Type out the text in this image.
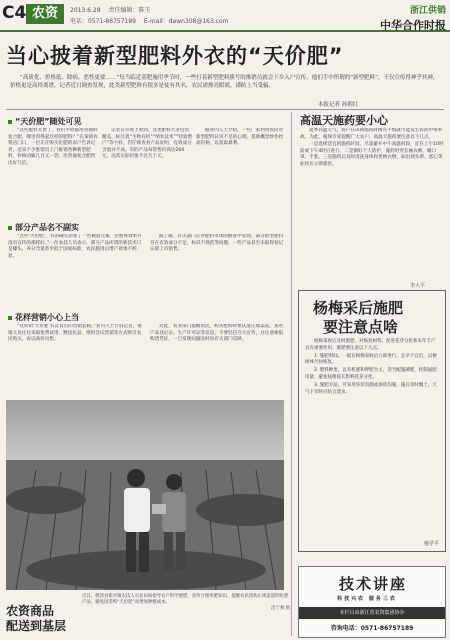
C4 农资	2013.6.28 责任编辑：陈玉
电话：0571-86757189 E-mail：dawn308@163.com
浙江供销
中华合作时报
当心披着新型肥料外衣的“天价肥”
“高质优、价格低、除病、恶性更要……”每当临近基肥施用季节时，一些打着新型肥料旗号的推销员就会下乡入户宣传，他们手中所谓的“新型肥料”，不仅宣传得神乎其神，价格更是高得离谱。记者近日调查发现，此类新型肥料有很多是徒有其名，农民需擦亮眼睛，谨防上当受骗。
本报记者 孙朝红
“天价肥”随处可见

“这些肥料太贵了，我们平时都用普通的复合肥，哪里用得起这样的肥料？”在某镇农资店门口，一位正在购买化肥的农户告诉记者，近来不少推销员上门推销各种新型肥料，价格动辄几百元一袋，比普通复合肥贵出好几倍。

记者在市场上看到，这类肥料大多包装精美，标注着“生物有机”“纳米技术”“特效增产”等字样，但仔细查看产品说明，有效成分含量并不高。有的产品每袋售价高达260元，而其实际价值不过几十元。

据业内人士介绍，一些厂家利用农民对新型肥料认识不足的心理，借助概念炒作抬高价格，以获取暴利。

部分产品名不副实

“这些‘天价肥’，有的确实添加了一些微量元素，但整体效果并没有宣传的那样好。”一位农技人员表示，部分产品所谓的新技术只是噱头，养分含量甚至低于国家标准，农民施用后增产效果不明显。

据了解，有关部门在对肥料市场的抽查中发现，部分新型肥料存在有效成分不足、标识不规范等问题，一些产品甚至未取得登记证即上市销售。

花样营销小心上当

“这样的‘天价肥’有其背后的营销套路。”业内人士告诉记者，推销人员往往采取免费试用、赠送礼品、组织会议营销等方式吸引农民购买，再以高价出售。

对此，农业部门提醒农民，购买肥料时要认准正规渠道，查看产品登记证、生产许可证等信息，不要轻信夸大宣传，并注意索取购货凭证，一旦发现问题及时向有关部门反映。

近日，德清县新市镇农技人员在田间指导农户科学施肥，宣传合理用肥知识，提醒农民选购正规渠道的化肥产品，避免因选购“天价肥”而增加种植成本。
沈宁燕 摄
农资商品
配送到基层
高温天施药要小心

夏季高温天气，农户在田间施药时稍有不慎就可能发生农药中毒事故。为此，植保专家提醒广大农户，高温天施药要注意以下几点。

一是选择适宜的施药时间，尽量避开中午高温时段，宜在上午10时前或下午4时后进行。二是做好个人防护，施药时穿长袖衣裤，戴口罩、手套。三是施药后及时清洗身体和更换衣物，如出现头晕、恶心等症状应立即就医。

李大平
杨梅采后施肥
要注意点啥

杨梅采收后及时施肥，对恢复树势、促进花芽分化和来年丰产具有重要作用。施肥要注意以下几点。

1. 施肥时间。一般在杨梅采收后立即进行，宜早不宜迟，以便树体尽快恢复。

2. 肥料种类。以有机肥和钾肥为主，适当配施磷肥，控制氮肥用量，避免枝梢徒长影响花芽分化。

3. 施肥方法。可采用环状沟施或条状沟施，施后及时覆土，天气干旱时应结合浇水。

杨学平
技术讲座
科技兴农 服务三农
本栏目由浙江省农资集团协办
咨询电话：0571-86757189
